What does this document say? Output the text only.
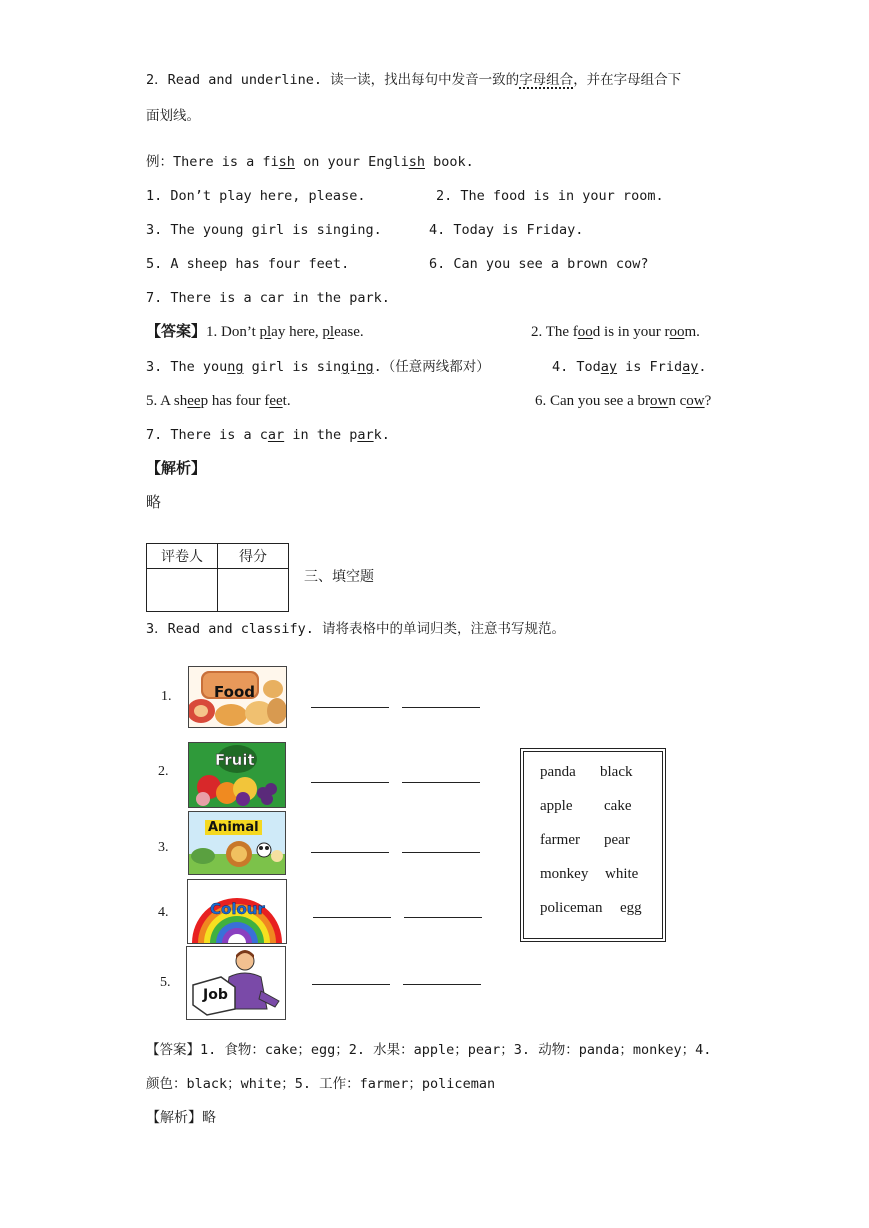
2．Read and underline. 读一读，找出每句中发音一致的字母组合，并在字母组合下
面划线。
例：There is a fish on your English book.
1. Don’t play here, please.	2. The food is in your room.
3. The young girl is singing.	4. Today is Friday.
5. A sheep has four feet.	6. Can you see a brown cow?
7. There is a car in the park.
【答案】1. Don’t play here, please.	2. The food is in your room.
3. The young girl is singing.（任意两线都对）	4. Today is Friday.
5. A sheep has four feet.	6. Can you see a brown cow?
7. There is a car in the park.
【解析】
略
评卷人	得分

三、填空题
3．Read and classify. 请将表格中的单词归类，注意书写规范。
1.	Food
2.
Fruit
3.
Animal
4.	Colour
5.
Job
panda black
apple cake
farmer pear
monkey white
policeman egg
【答案】1. 食物：cake；egg；2. 水果：apple；pear；3. 动物：panda；monkey；4.
颜色：black；white；5. 工作：farmer；policeman
【解析】略
